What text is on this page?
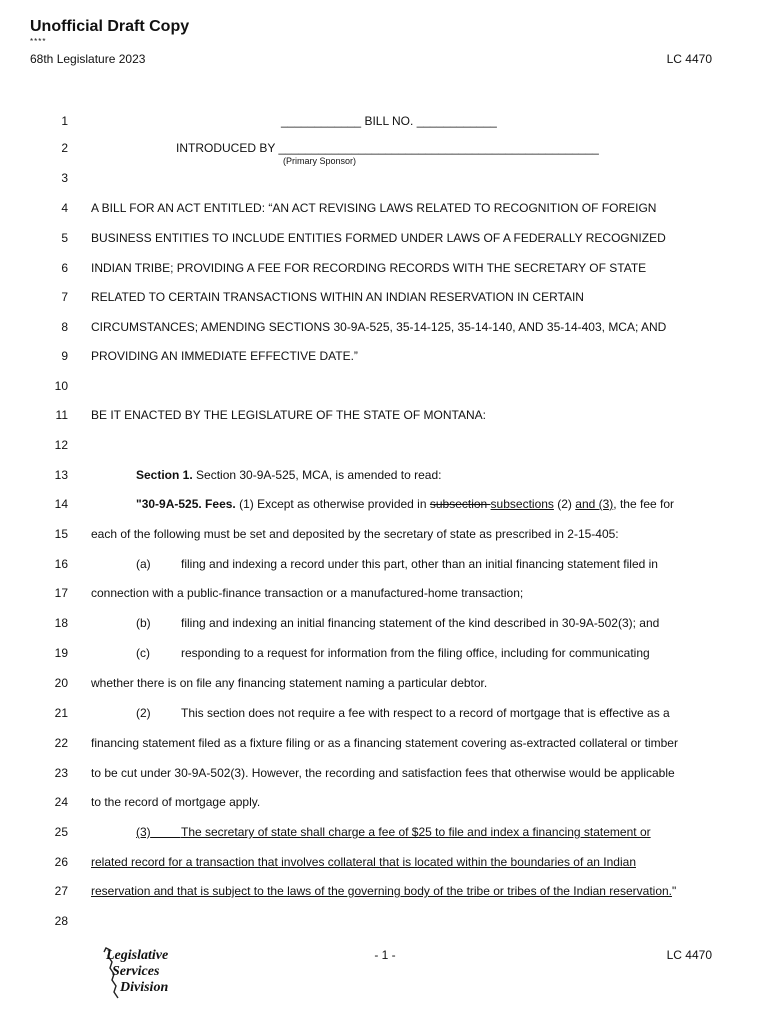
Unofficial Draft Copy
****
68th Legislature 2023	LC 4470
1
2
3
4
5
6
7
8
9
10
11
12
13
14
15
16
17
18
19
20
21
22
23
24
25
26
27
28
____________ BILL NO. ____________
INTRODUCED BY ________________________________________________
(Primary Sponsor)
A BILL FOR AN ACT ENTITLED: “AN ACT REVISING LAWS RELATED TO RECOGNITION OF FOREIGN
BUSINESS ENTITIES TO INCLUDE ENTITIES FORMED UNDER LAWS OF A FEDERALLY RECOGNIZED
INDIAN TRIBE; PROVIDING A FEE FOR RECORDING RECORDS WITH THE SECRETARY OF STATE
RELATED TO CERTAIN TRANSACTIONS WITHIN AN INDIAN RESERVATION IN CERTAIN
CIRCUMSTANCES; AMENDING SECTIONS 30-9A-525, 35-14-125, 35-14-140, AND 35-14-403, MCA; AND
PROVIDING AN IMMEDIATE EFFECTIVE DATE.”
BE IT ENACTED BY THE LEGISLATURE OF THE STATE OF MONTANA:
Section 1. Section 30-9A-525, MCA, is amended to read:
"30-9A-525. Fees. (1) Except as otherwise provided in subsection subsections (2) and (3), the fee for
each of the following must be set and deposited by the secretary of state as prescribed in 2-15-405:
(a)	filing and indexing a record under this part, other than an initial financing statement filed in
connection with a public-finance transaction or a manufactured-home transaction;
(b)	filing and indexing an initial financing statement of the kind described in 30-9A-502(3); and
(c)	responding to a request for information from the filing office, including for communicating
whether there is on file any financing statement naming a particular debtor.
(2)	This section does not require a fee with respect to a record of mortgage that is effective as a
financing statement filed as a fixture filing or as a financing statement covering as-extracted collateral or timber
to be cut under 30-9A-502(3). However, the recording and satisfaction fees that otherwise would be applicable
to the record of mortgage apply.
(3)	The secretary of state shall charge a fee of $25 to file and index a financing statement or
related record for a transaction that involves collateral that is located within the boundaries of an Indian
reservation and that is subject to the laws of the governing body of the tribe or tribes of the Indian reservation."
- 1 -	LC 4470
Legislative
Services
Division
